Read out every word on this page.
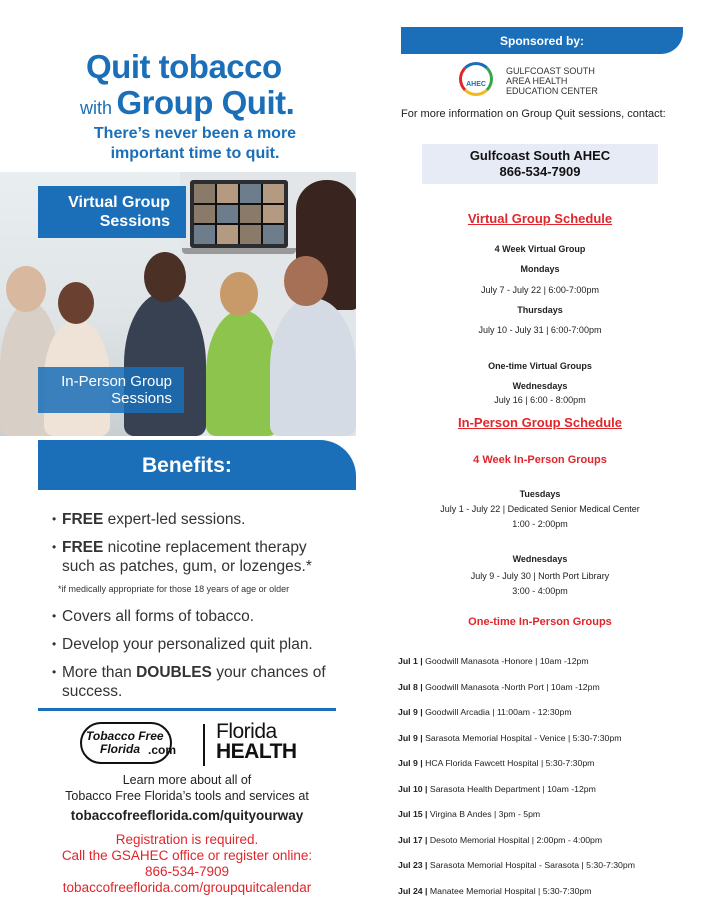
Quit tobacco
with Group Quit.
There’s never been a more important time to quit.
Virtual Group Sessions
In-Person Group Sessions
Benefits:
• FREE expert-led sessions.
• FREE nicotine replacement therapy such as patches, gum, or lozenges.*
*if medically appropriate for those 18 years of age or older
• Covers all forms of tobacco.
• Develop your personalized quit plan.
• More than DOUBLES your chances of success.
Tobacco Free
Florida .com
Florida
HEALTH
Learn more about all of
Tobacco Free Florida’s tools and services at
tobaccofreeflorida.com/quityourway
Registration is required.
Call the GSAHEC office or register online:
866-534-7909
tobaccofreeflorida.com/groupquitcalendar
Sponsored by:
AHEC
GULFCOAST SOUTH
AREA HEALTH
EDUCATION CENTER
For more information on Group Quit sessions, contact:
Gulfcoast South AHEC
866-534-7909
Virtual Group Schedule
4 Week Virtual Group
Mondays
July 7 - July 22 | 6:00-7:00pm
Thursdays
July 10 - July 31 | 6:00-7:00pm
One-time Virtual Groups
Wednesdays
July 16 | 6:00 - 8:00pm
In-Person Group Schedule
4 Week In-Person Groups
Tuesdays
July 1 - July 22 | Dedicated Senior Medical Center
1:00 - 2:00pm
Wednesdays
July 9 - July 30 | North Port Library
3:00 - 4:00pm
One-time In-Person Groups
Jul 1 | Goodwill Manasota -Honore | 10am -12pm
Jul 8 | Goodwill Manasota -North Port | 10am -12pm
Jul 9 | Goodwill Arcadia | 11:00am - 12:30pm
Jul 9 | Sarasota Memorial Hospital - Venice | 5:30-7:30pm
Jul 9 | HCA Florida Fawcett Hospital | 5:30-7:30pm
Jul 10 | Sarasota Health Department | 10am -12pm
Jul 15 | Virgina B Andes | 3pm - 5pm
Jul 17 | Desoto Memorial Hospital | 2:00pm - 4:00pm
Jul 23 | Sarasota Memorial Hospital - Sarasota | 5:30-7:30pm
Jul 24 | Manatee Memorial Hospital | 5:30-7:30pm
